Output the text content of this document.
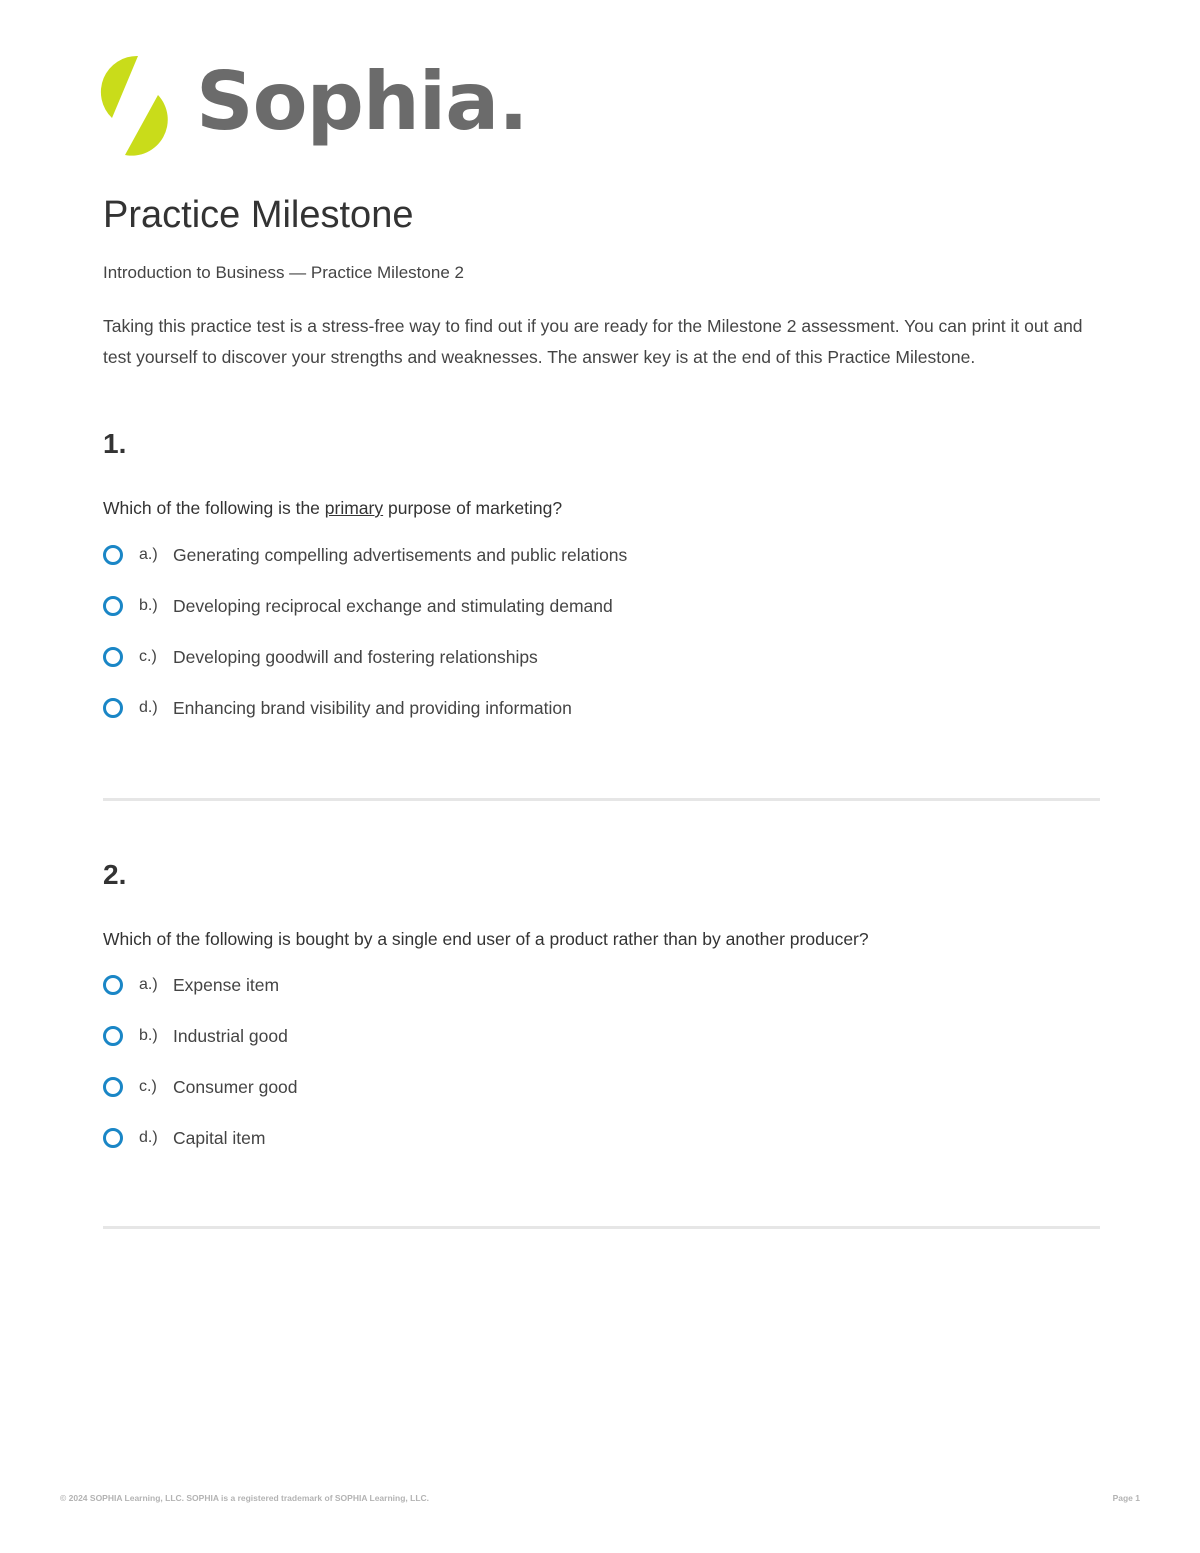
Sophia.
Practice Milestone

Introduction to Business — Practice Milestone 2

Taking this practice test is a stress-free way to find out if you are ready for the Milestone 2 assessment. You can print it out and test yourself to discover your strengths and weaknesses. The answer key is at the end of this Practice Milestone.

1.

Which of the following is the primary purpose of marketing?

a.) Generating compelling advertisements and public relations
b.) Developing reciprocal exchange and stimulating demand
c.) Developing goodwill and fostering relationships
d.) Enhancing brand visibility and providing information
2.

Which of the following is bought by a single end user of a product rather than by another producer?

a.) Expense item
b.) Industrial good
c.) Consumer good
d.) Capital item
© 2024 SOPHIA Learning, LLC. SOPHIA is a registered trademark of SOPHIA Learning, LLC.	Page 1
